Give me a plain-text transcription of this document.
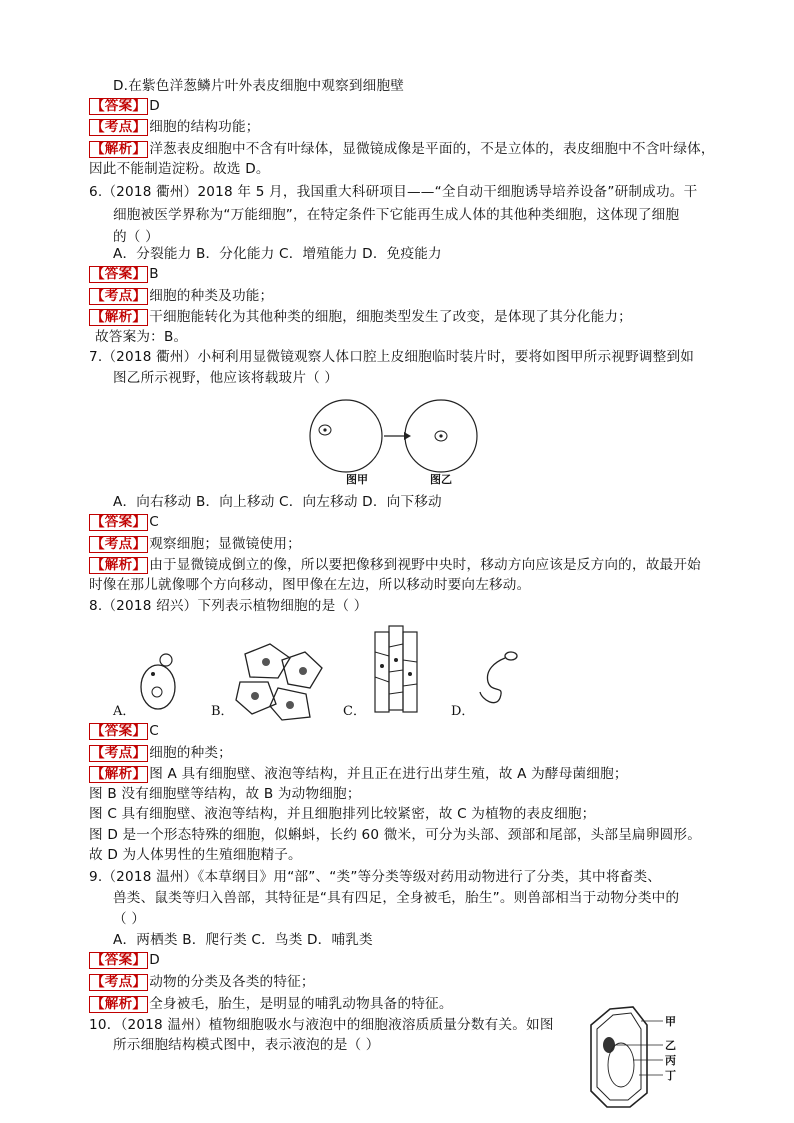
D.在紫色洋葱鳞片叶外表皮细胞中观察到细胞壁
【答案】 D
【考点】 细胞的结构功能；
【解析】 洋葱表皮细胞中不含有叶绿体，显微镜成像是平面的，不是立体的，表皮细胞中不含叶绿体，
因此不能制造淀粉。故选 D。
6.（2018 衢州）2018 年 5 月，我国重大科研项目——“全自动干细胞诱导培养设备”研制成功。干
细胞被医学界称为“万能细胞”，在特定条件下它能再生成人体的其他种类细胞，这体现了细胞
的（ ）
A．分裂能力 B．分化能力 C．增殖能力 D．免疫能力
【答案】 B
【考点】 细胞的种类及功能；
【解析】 干细胞能转化为其他种类的细胞，细胞类型发生了改变，是体现了其分化能力；
故答案为：B。
7.（2018 衢州）小柯利用显微镜观察人体口腔上皮细胞临时装片时，要将如图甲所示视野调整到如
图乙所示视野，他应该将载玻片（ ）
图甲	图乙
A．向右移动 B．向上移动 C．向左移动 D．向下移动
【答案】 C
【考点】 观察细胞；显微镜使用；
【解析】 由于显微镜成倒立的像，所以要把像移到视野中央时，移动方向应该是反方向的，故最开始
时像在那儿就像哪个方向移动，图甲像在左边，所以移动时要向左移动。
8.（2018 绍兴）下列表示植物细胞的是（ ）
A．	B．	C．	D．
【答案】 C
【考点】 细胞的种类；
【解析】 图 A 具有细胞壁、液泡等结构，并且正在进行出芽生殖，故 A 为酵母菌细胞；
图 B 没有细胞壁等结构，故 B 为动物细胞；
图 C 具有细胞壁、液泡等结构，并且细胞排列比较紧密，故 C 为植物的表皮细胞；
图 D 是一个形态特殊的细胞，似蝌蚪，长约 60 微米，可分为头部、颈部和尾部，头部呈扁卵圆形。
故 D 为人体男性的生殖细胞精子。
9.（2018 温州）《本草纲目》用“部”、“类”等分类等级对药用动物进行了分类，其中将畜类、
兽类、鼠类等归入兽部，其特征是“具有四足，全身被毛，胎生”。则兽部相当于动物分类中的
（ ）
A．两栖类 B．爬行类 C．鸟类 D．哺乳类
【答案】 D
【考点】 动物的分类及各类的特征；
【解析】 全身被毛，胎生，是明显的哺乳动物具备的特征。
10．（2018 温州）植物细胞吸水与液泡中的细胞液溶质质量分数有关。如图
所示细胞结构模式图中，表示液泡的是（ ）
甲
乙
丙
丁
